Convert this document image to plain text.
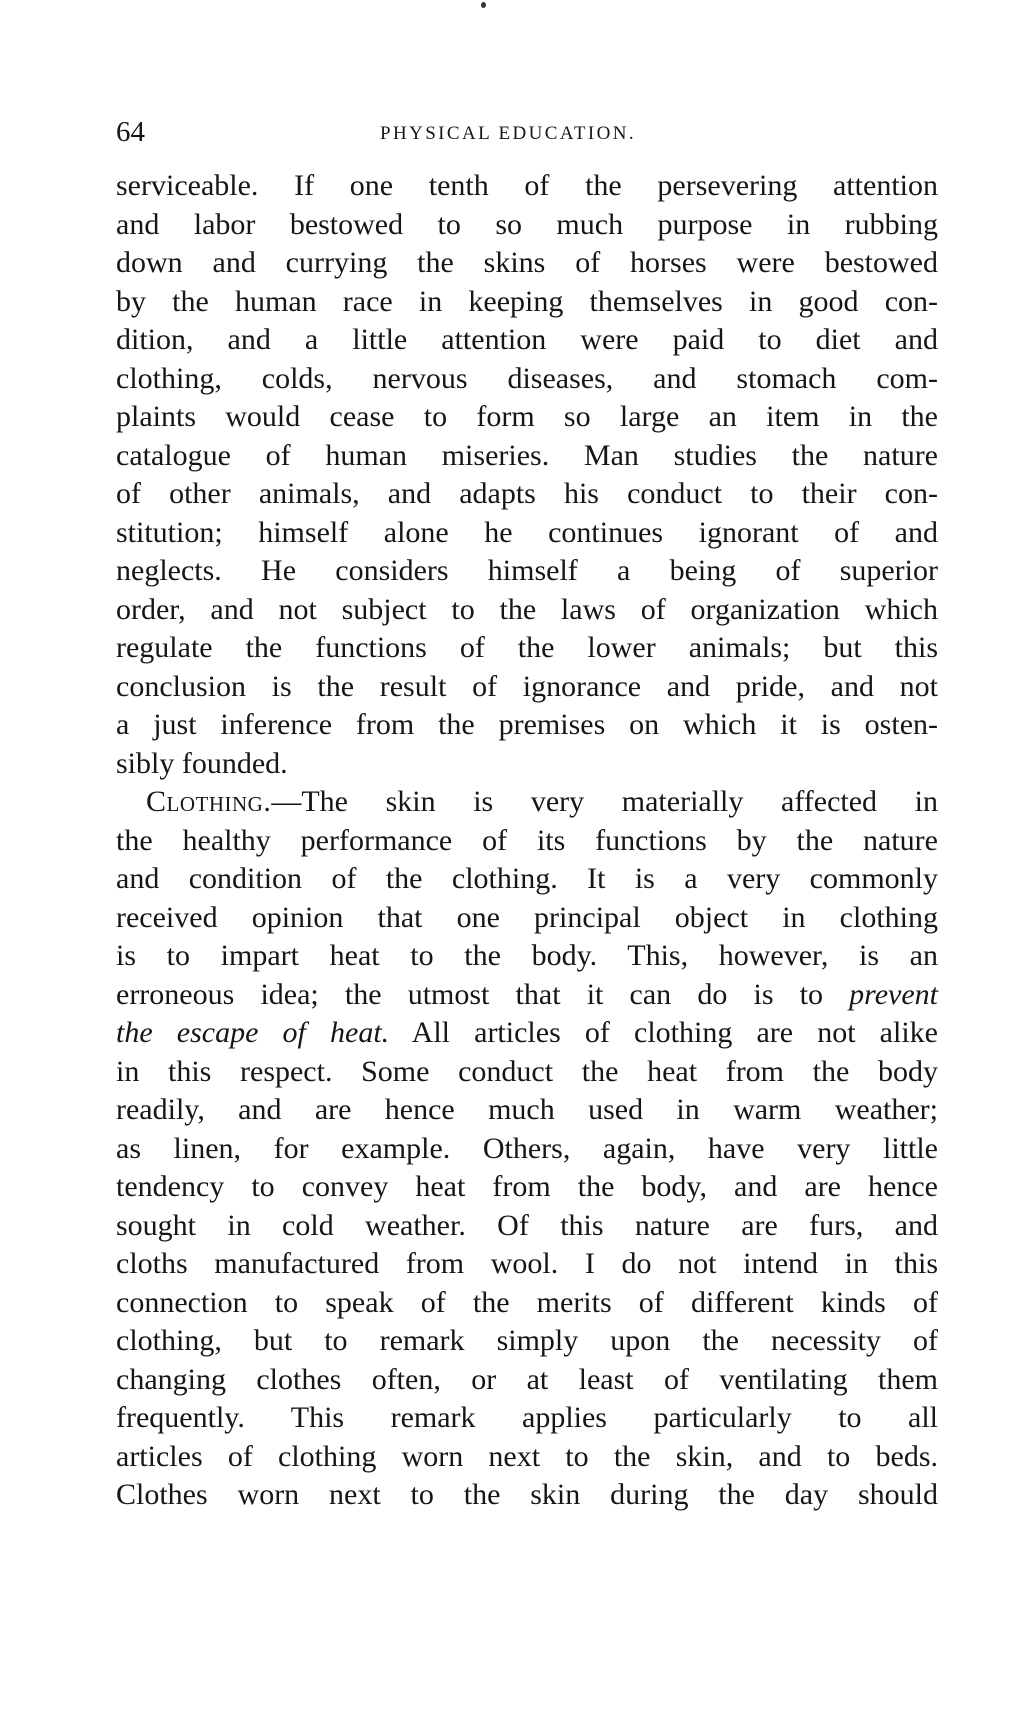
64	PHYSICAL EDUCATION.
serviceable. If one tenth of the persevering attention
and labor bestowed to so much purpose in rubbing
down and currying the skins of horses were bestowed
by the human race in keeping themselves in good con-
dition, and a little attention were paid to diet and
clothing, colds, nervous diseases, and stomach com-
plaints would cease to form so large an item in the
catalogue of human miseries. Man studies the nature
of other animals, and adapts his conduct to their con-
stitution; himself alone he continues ignorant of and
neglects. He considers himself a being of superior
order, and not subject to the laws of organization which
regulate the functions of the lower animals; but this
conclusion is the result of ignorance and pride, and not
a just inference from the premises on which it is osten-
sibly founded.
Clothing.—The skin is very materially affected in
the healthy performance of its functions by the nature
and condition of the clothing. It is a very commonly
received opinion that one principal object in clothing
is to impart heat to the body. This, however, is an
erroneous idea; the utmost that it can do is to prevent
the escape of heat. All articles of clothing are not alike
in this respect. Some conduct the heat from the body
readily, and are hence much used in warm weather;
as linen, for example. Others, again, have very little
tendency to convey heat from the body, and are hence
sought in cold weather. Of this nature are furs, and
cloths manufactured from wool. I do not intend in this
connection to speak of the merits of different kinds of
clothing, but to remark simply upon the necessity of
changing clothes often, or at least of ventilating them
frequently. This remark applies particularly to all
articles of clothing worn next to the skin, and to beds.
Clothes worn next to the skin during the day should
